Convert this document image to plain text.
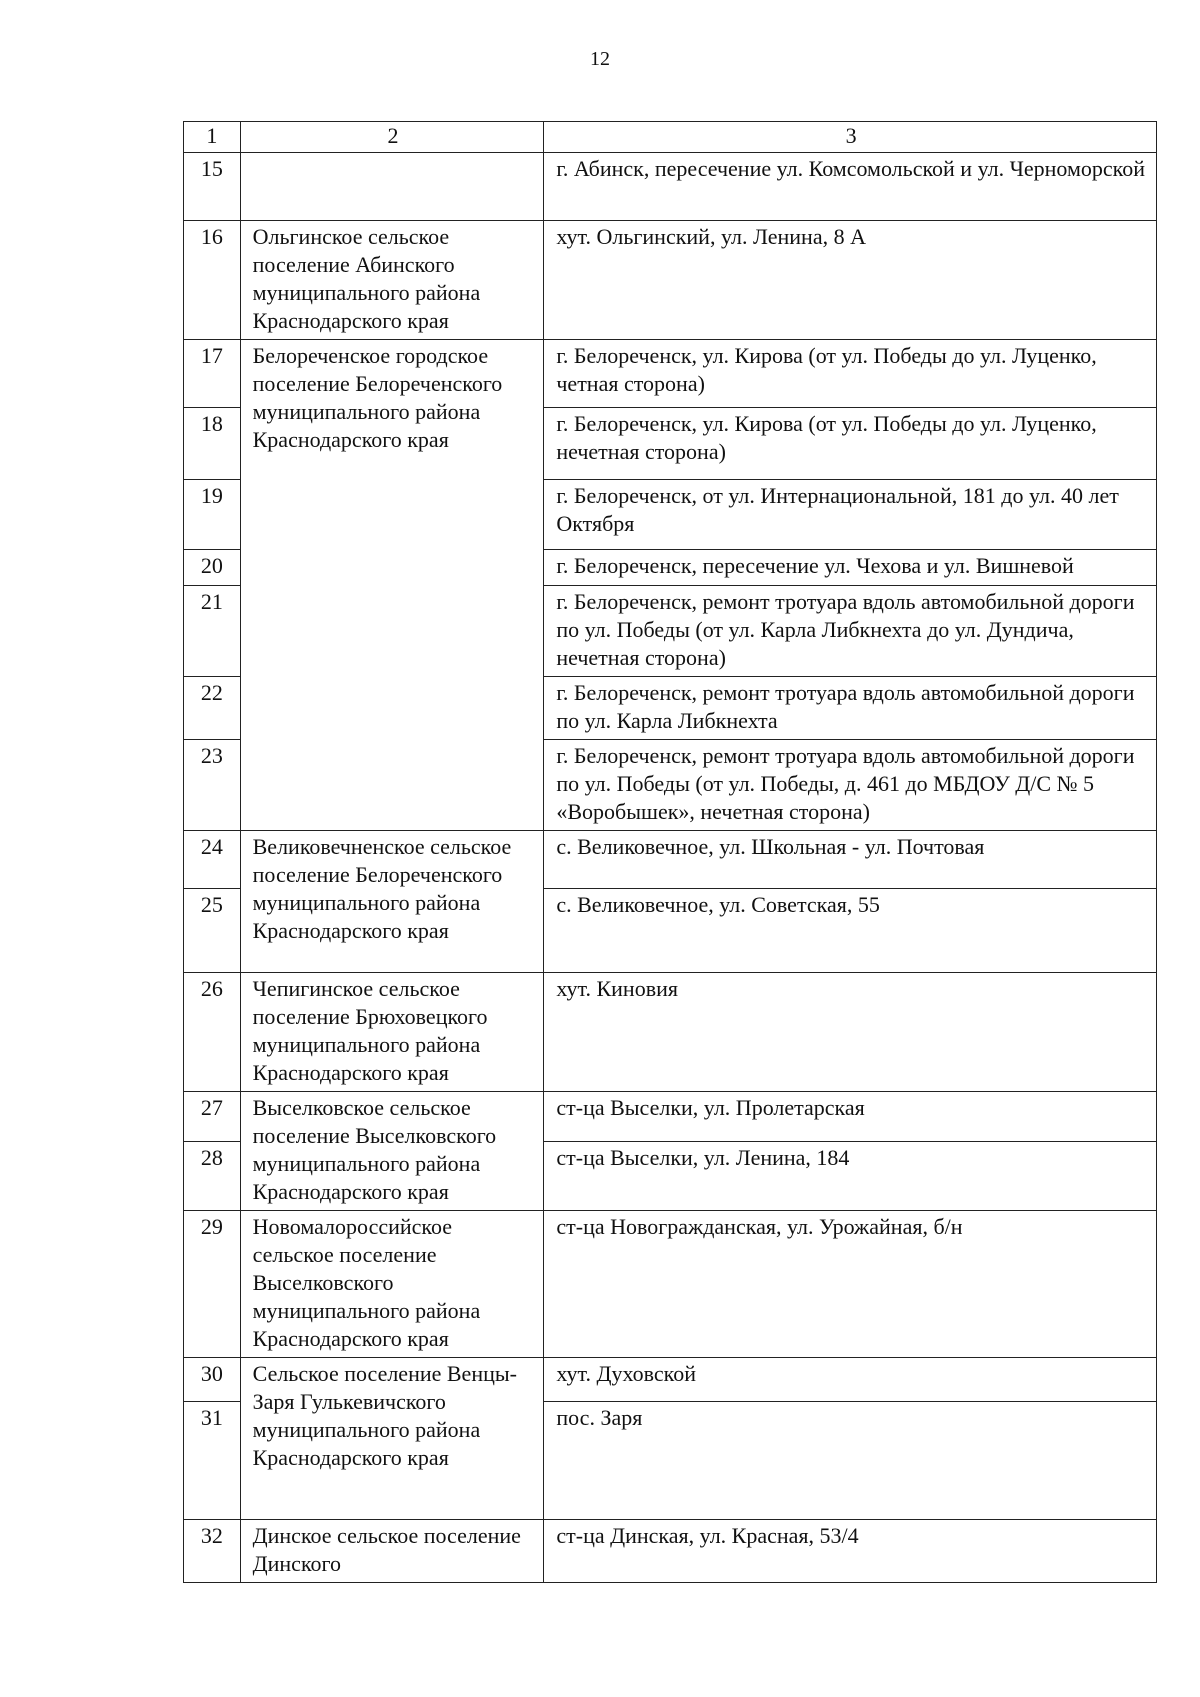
12
1	2	3
15		г. Абинск, пересечение ул. Комсомольской и ул. Черноморской
16	Ольгинское сельское поселение Абинского муниципального района Краснодарского края	хут. Ольгинский, ул. Ленина, 8 А
17	Белореченское городское поселение Белореченского муниципального района Краснодарского края	г. Белореченск, ул. Кирова (от ул. Победы до ул. Луценко, четная сторона)
18		г. Белореченск, ул. Кирова (от ул. Победы до ул. Луценко, нечетная сторона)
19		г. Белореченск, от ул. Интернациональной, 181 до ул. 40 лет Октября
20		г. Белореченск, пересечение ул. Чехова и ул. Вишневой
21		г. Белореченск, ремонт тротуара вдоль автомобильной дороги по ул. Победы (от ул. Карла Либкнехта до ул. Дундича, нечетная сторона)
22		г. Белореченск, ремонт тротуара вдоль автомобильной дороги по ул. Карла Либкнехта
23		г. Белореченск, ремонт тротуара вдоль автомобильной дороги по ул. Победы (от ул. Победы, д. 461 до МБДОУ Д/С № 5 «Воробышек», нечетная сторона)
24	Великовечненское сельское поселение Белореченского муниципального района Краснодарского края	с. Великовечное, ул. Школьная - ул. Почтовая
25		с. Великовечное, ул. Советская, 55
26	Чепигинское сельское поселение Брюховецкого муниципального района Краснодарского края	хут. Киновия
27	Выселковское сельское поселение Выселковского муниципального района Краснодарского края	ст-ца Выселки, ул. Пролетарская
28		ст-ца Выселки, ул. Ленина, 184
29	Новомалороссийское сельское поселение Выселковского муниципального района Краснодарского края	ст-ца Новогражданская, ул. Урожайная, б/н
30	Сельское поселение Венцы-Заря Гулькевичского муниципального района Краснодарского края	хут. Духовской
31		пос. Заря
32	Динское сельское поселение Динского	ст-ца Динская, ул. Красная, 53/4
